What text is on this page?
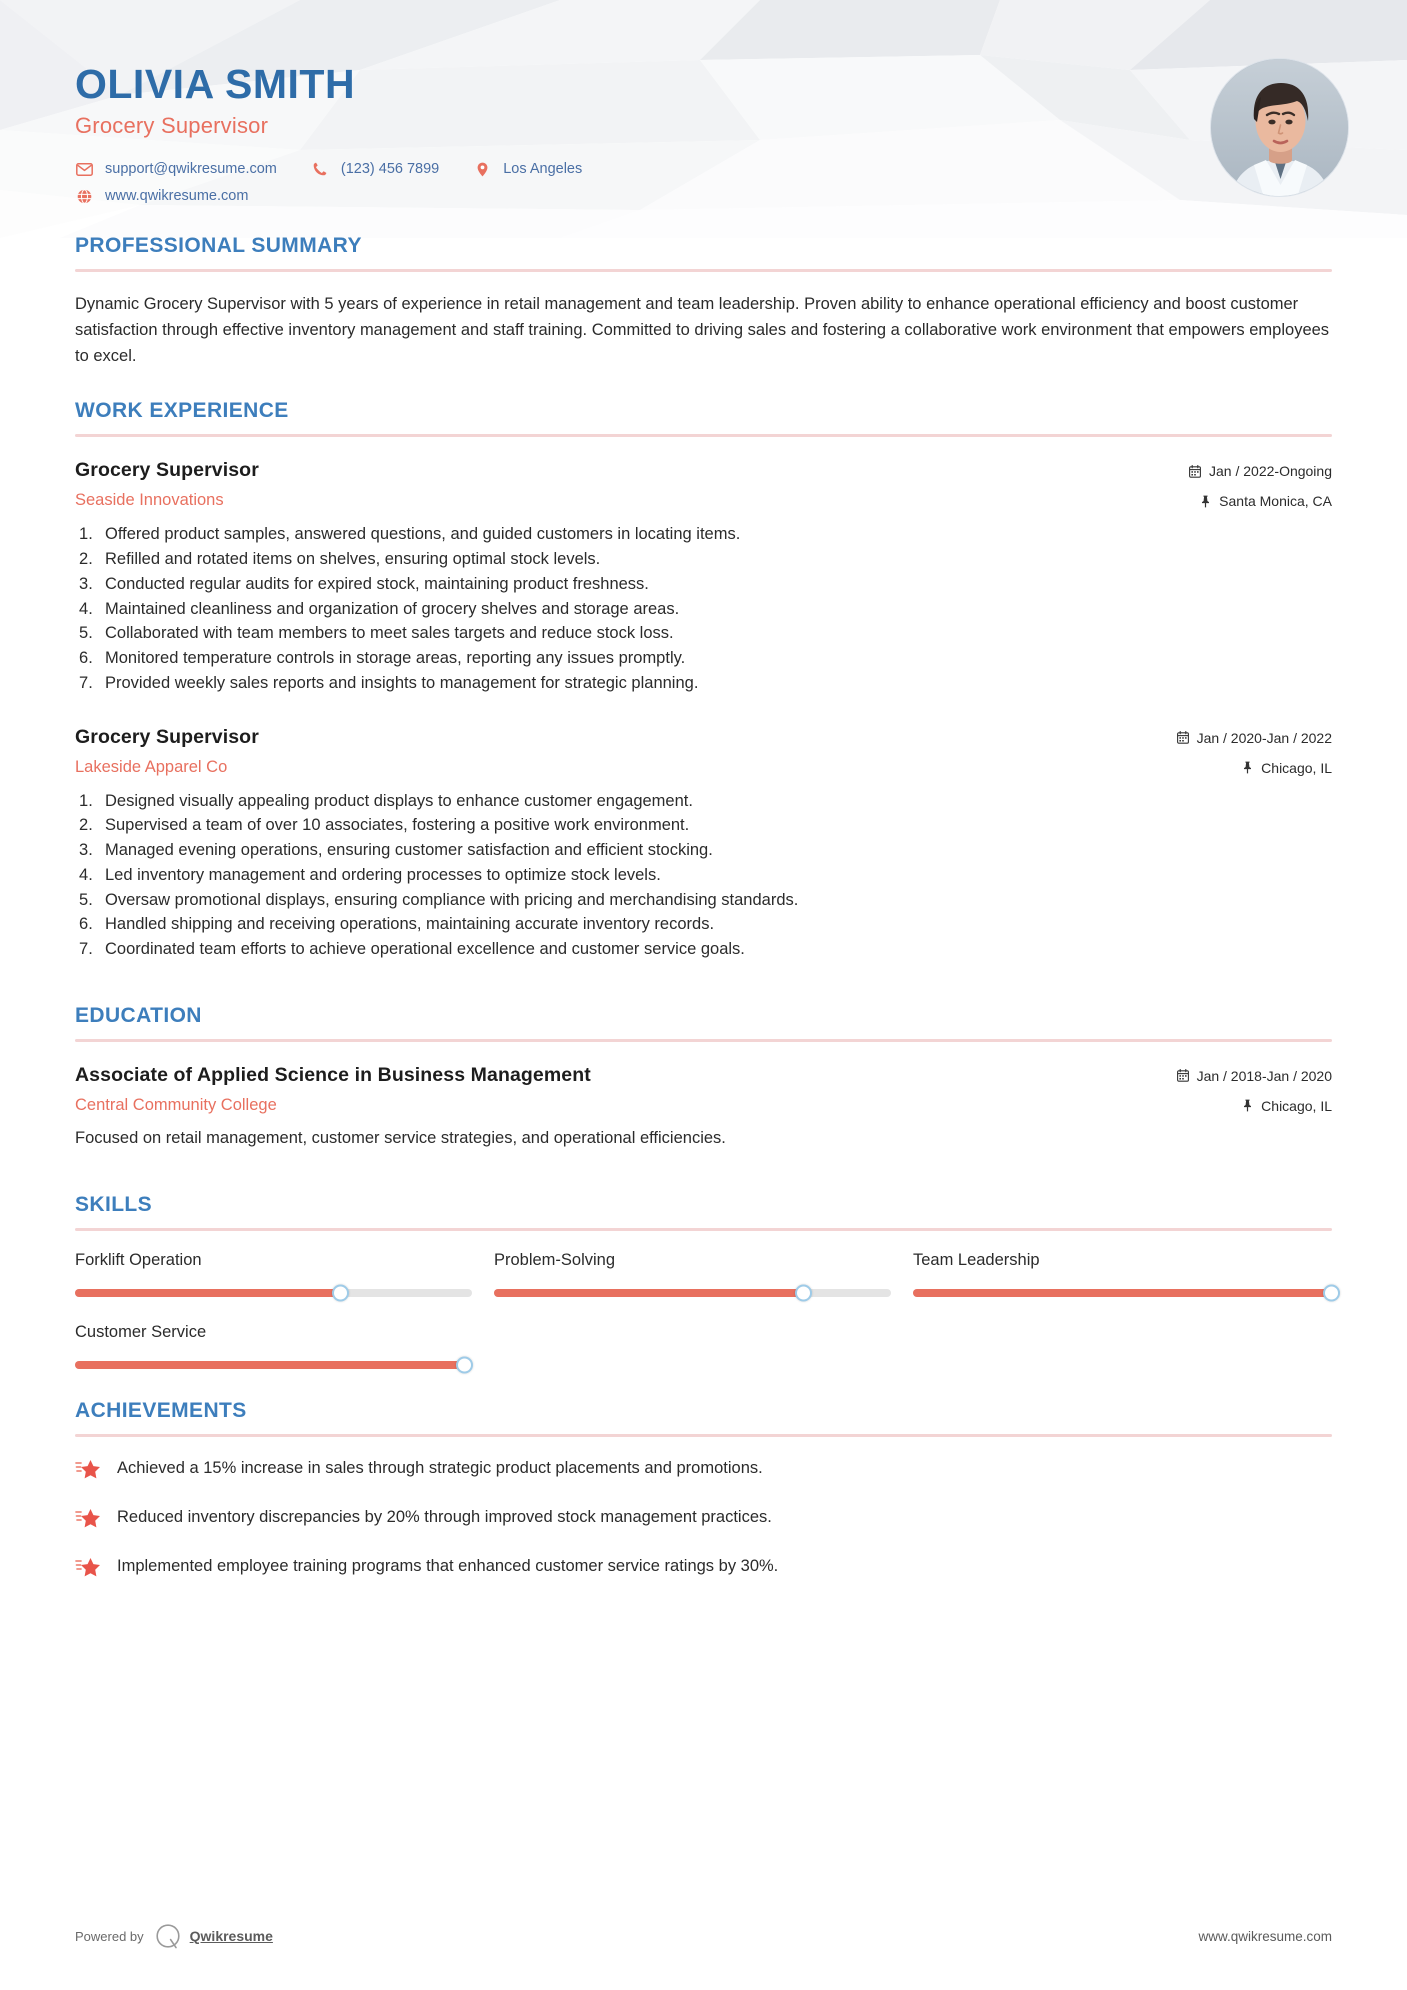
OLIVIA SMITH
Grocery Supervisor
support@qwikresume.com	(123) 456 7899	Los Angeles
www.qwikresume.com
PROFESSIONAL SUMMARY
Dynamic Grocery Supervisor with 5 years of experience in retail management and team leadership. Proven ability to enhance operational efficiency and boost customer satisfaction through effective inventory management and staff training. Committed to driving sales and fostering a collaborative work environment that empowers employees to excel.
WORK EXPERIENCE
Grocery Supervisor
Seaside Innovations
Jan / 2022-Ongoing
Santa Monica, CA
Offered product samples, answered questions, and guided customers in locating items.
Refilled and rotated items on shelves, ensuring optimal stock levels.
Conducted regular audits for expired stock, maintaining product freshness.
Maintained cleanliness and organization of grocery shelves and storage areas.
Collaborated with team members to meet sales targets and reduce stock loss.
Monitored temperature controls in storage areas, reporting any issues promptly.
Provided weekly sales reports and insights to management for strategic planning.
Grocery Supervisor
Lakeside Apparel Co
Jan / 2020-Jan / 2022
Chicago, IL
Designed visually appealing product displays to enhance customer engagement.
Supervised a team of over 10 associates, fostering a positive work environment.
Managed evening operations, ensuring customer satisfaction and efficient stocking.
Led inventory management and ordering processes to optimize stock levels.
Oversaw promotional displays, ensuring compliance with pricing and merchandising standards.
Handled shipping and receiving operations, maintaining accurate inventory records.
Coordinated team efforts to achieve operational excellence and customer service goals.
EDUCATION
Associate of Applied Science in Business Management
Central Community College
Jan / 2018-Jan / 2020
Chicago, IL
Focused on retail management, customer service strategies, and operational efficiencies.
SKILLS
Forklift Operation	Problem-Solving	Team Leadership
Customer Service
ACHIEVEMENTS
Achieved a 15% increase in sales through strategic product placements and promotions.
Reduced inventory discrepancies by 20% through improved stock management practices.
Implemented employee training programs that enhanced customer service ratings by 30%.
Powered by	Qwikresume	www.qwikresume.com
